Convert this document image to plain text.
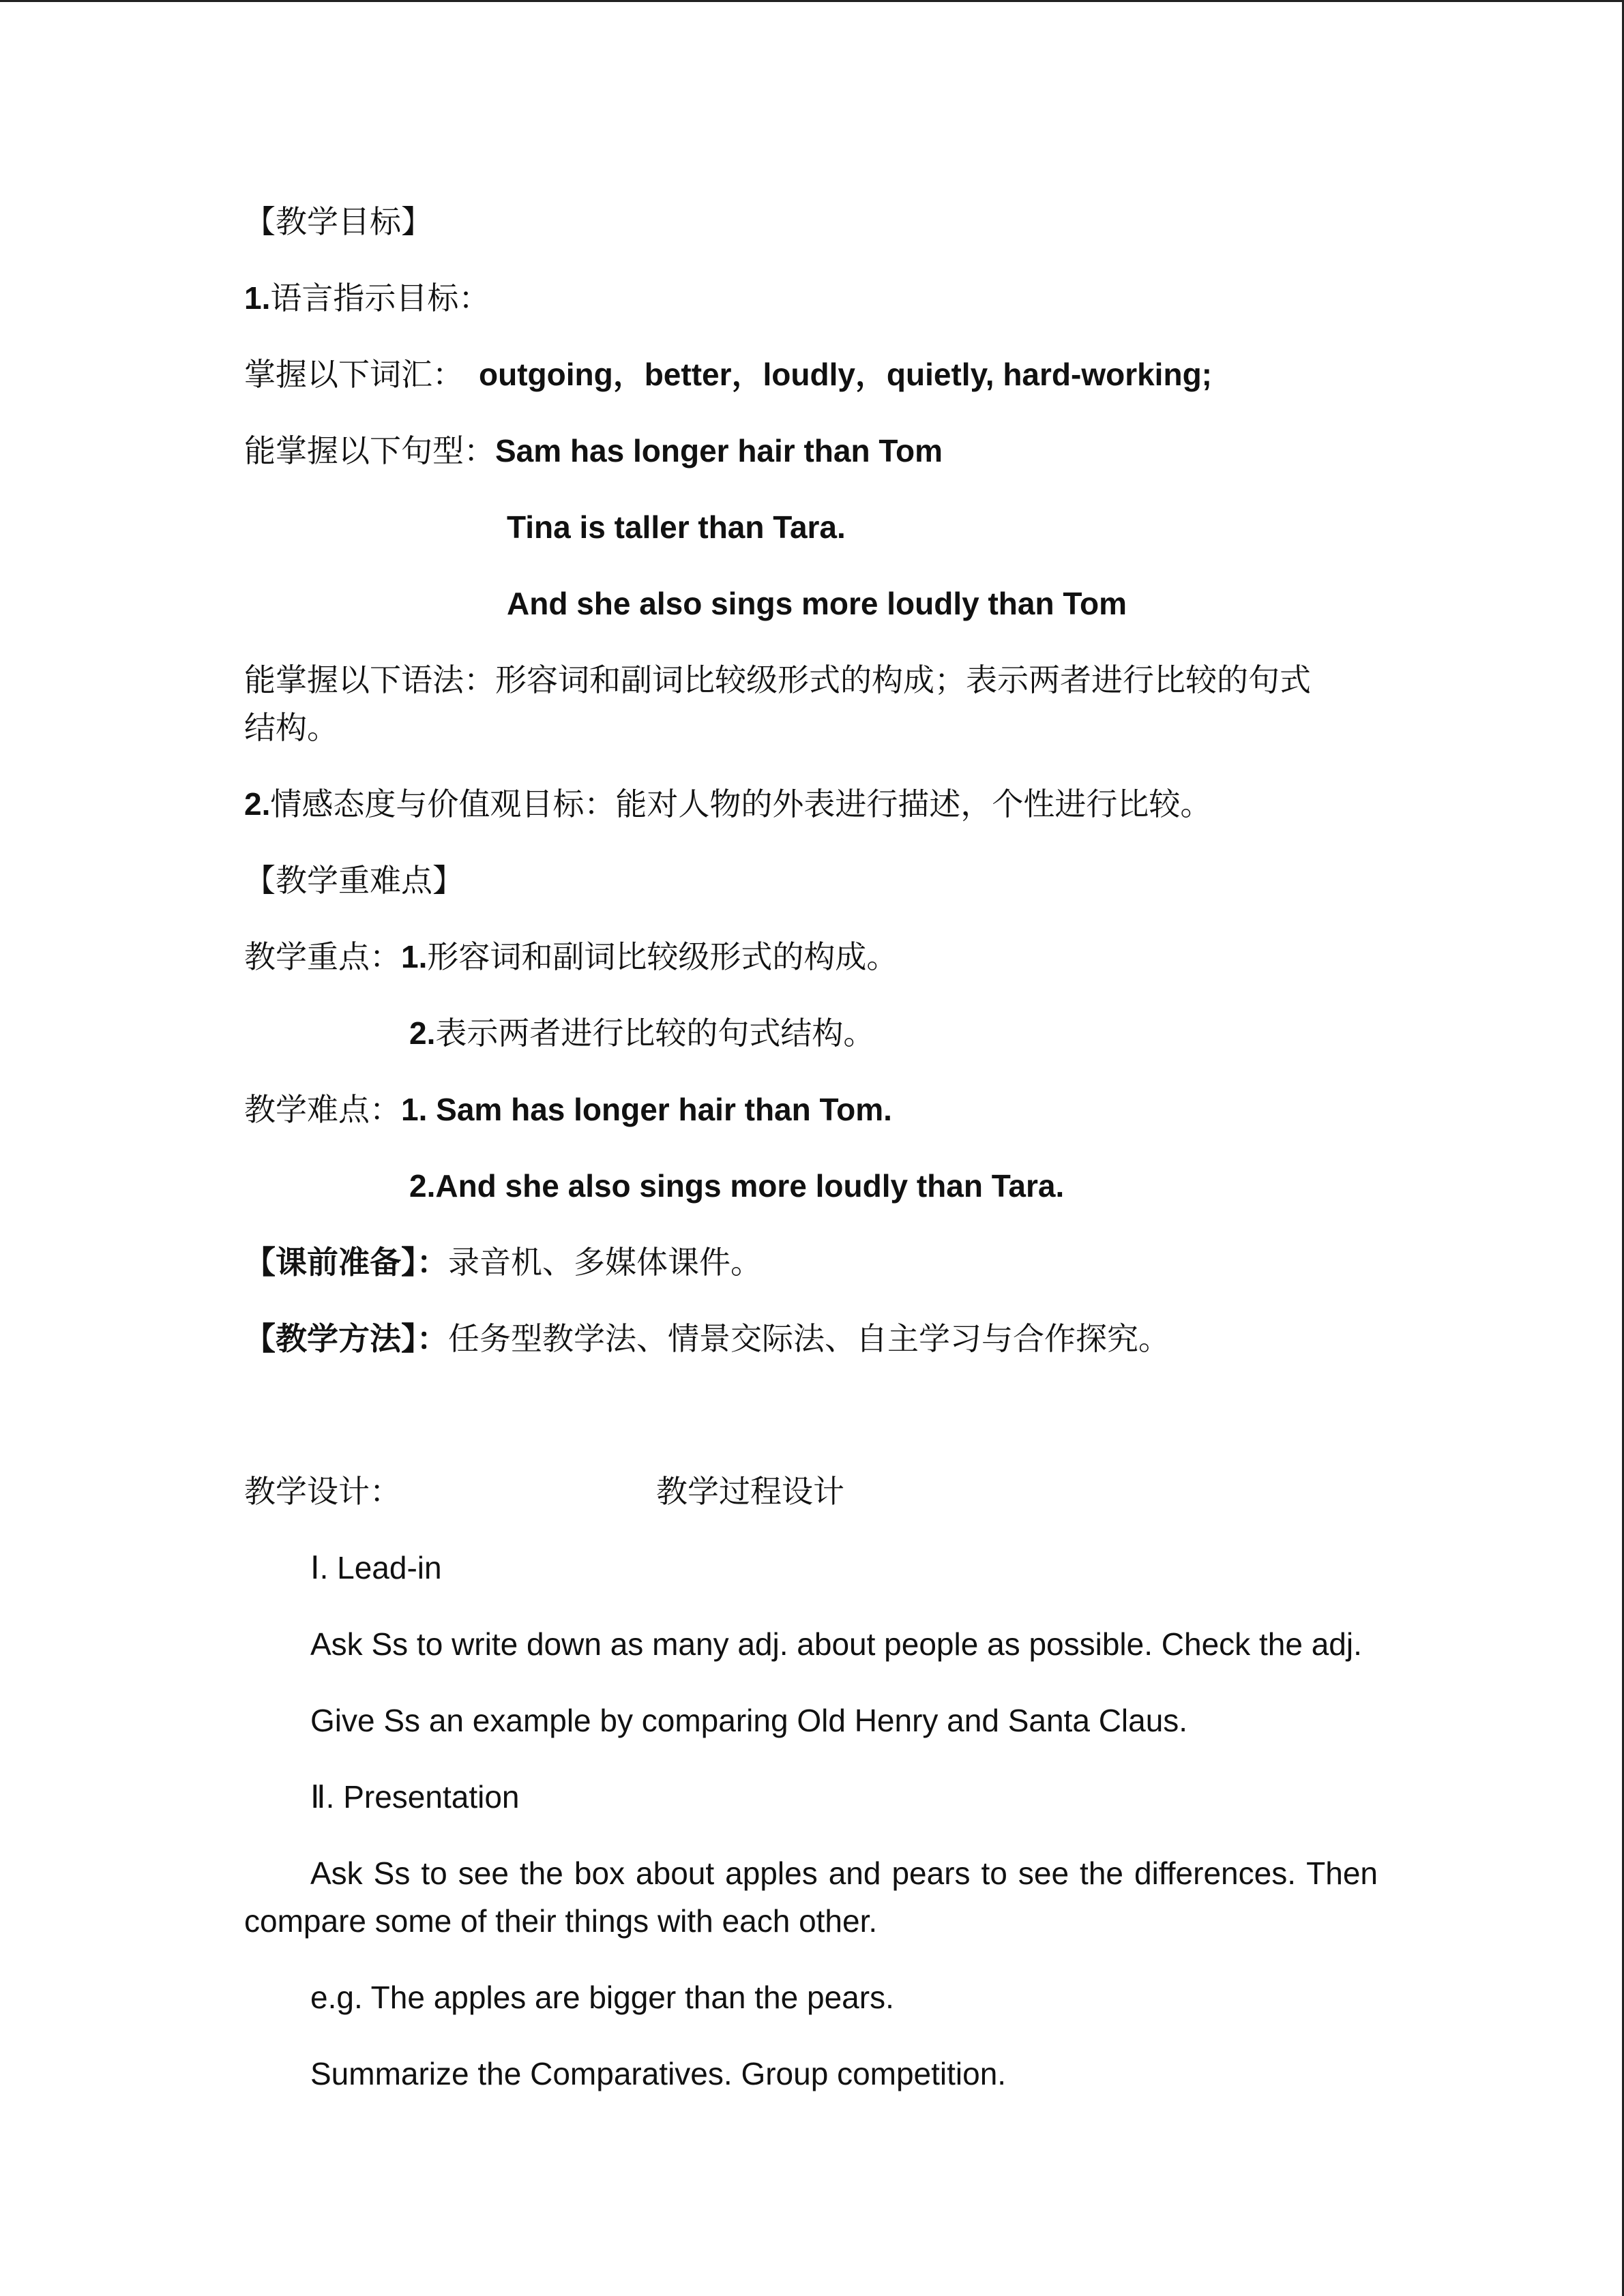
【教学目标】
1.语言指示目标：
掌握以下词汇： outgoing，better，loudly，quietly, hard-working;
能掌握以下句型：Sam has longer hair than Tom
Tina is taller than Tara.
And she also sings more loudly than Tom
能掌握以下语法：形容词和副词比较级形式的构成；表示两者进行比较的句式
结构。
2.情感态度与价值观目标：能对人物的外表进行描述，个性进行比较。
【教学重难点】
教学重点：1.形容词和副词比较级形式的构成。
2.表示两者进行比较的句式结构。
教学难点：1. Sam has longer hair than Tom.
2.And she also sings more loudly than Tara.
【课前准备】：录音机、多媒体课件。
【教学方法】：任务型教学法、情景交际法、自主学习与合作探究。
教学设计：	教学过程设计
Ⅰ. Lead-in
Ask Ss to write down as many adj. about people as possible. Check the adj.
Give Ss an example by comparing Old Henry and Santa Claus.
Ⅱ. Presentation
Ask Ss to see the box about apples and pears to see the differences. Then compare some of their things with each other.
e.g. The apples are bigger than the pears.
Summarize the Comparatives. Group competition.
